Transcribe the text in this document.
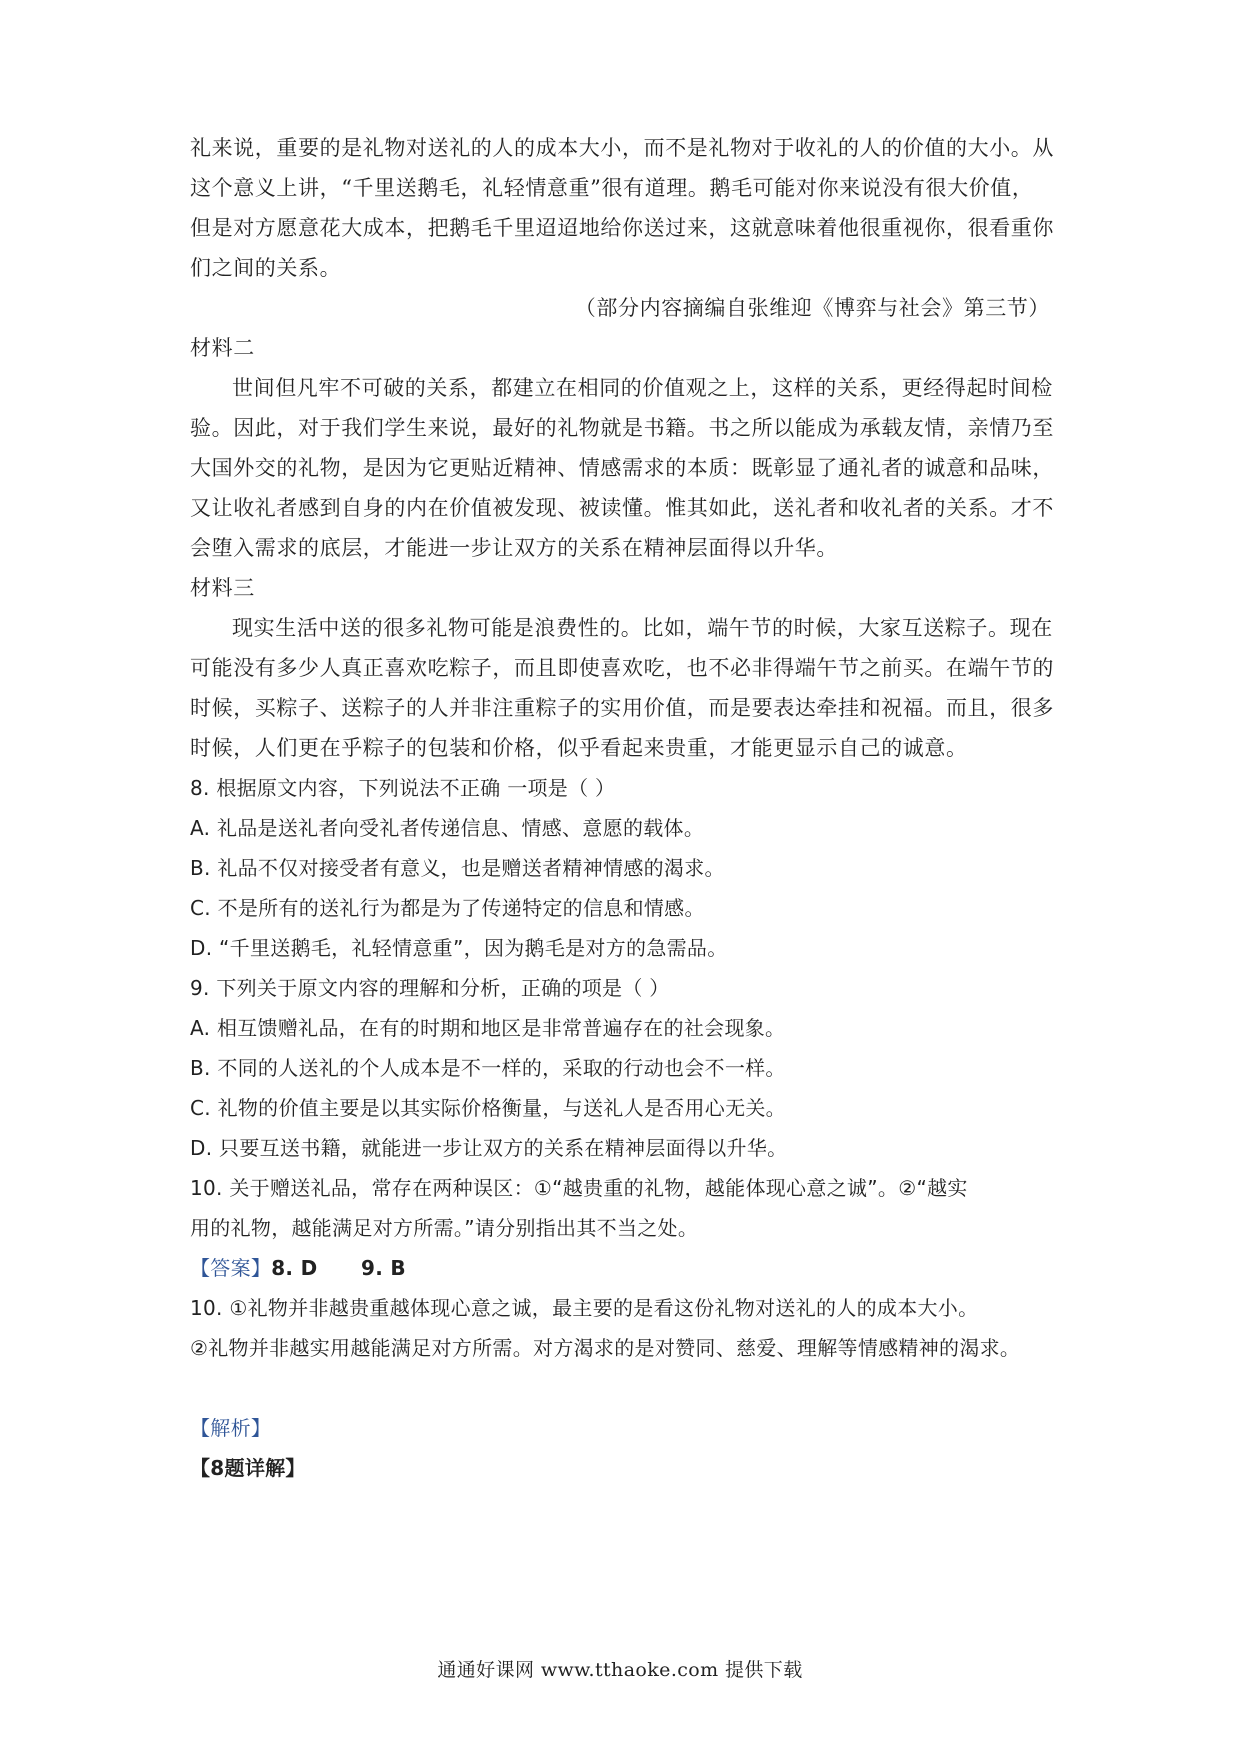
礼来说，重要的是礼物对送礼的人的成本大小，而不是礼物对于收礼的人的价值的大小。从
这个意义上讲，“千里送鹅毛，礼轻情意重”很有道理。鹅毛可能对你来说没有很大价值，
但是对方愿意花大成本，把鹅毛千里迢迢地给你送过来，这就意味着他很重视你，很看重你
们之间的关系。
（部分内容摘编自张维迎《博弈与社会》第三节）
材料二
世间但凡牢不可破的关系，都建立在相同的价值观之上，这样的关系，更经得起时间检
验。因此，对于我们学生来说，最好的礼物就是书籍。书之所以能成为承载友情，亲情乃至
大国外交的礼物，是因为它更贴近精神、情感需求的本质：既彰显了通礼者的诚意和品味，
又让收礼者感到自身的内在价值被发现、被读懂。惟其如此，送礼者和收礼者的关系。才不
会堕入需求的底层，才能进一步让双方的关系在精神层面得以升华。
材料三
现实生活中送的很多礼物可能是浪费性的。比如，端午节的时候，大家互送粽子。现在
可能没有多少人真正喜欢吃粽子，而且即使喜欢吃，也不必非得端午节之前买。在端午节的
时候，买粽子、送粽子的人并非注重粽子的实用价值，而是要表达牵挂和祝福。而且，很多
时候，人们更在乎粽子的包装和价格，似乎看起来贵重，才能更显示自己的诚意。
8. 根据原文内容，下列说法不正确 一项是（ ）
A. 礼品是送礼者向受礼者传递信息、情感、意愿的载体。
B. 礼品不仅对接受者有意义，也是赠送者精神情感的渴求。
C. 不是所有的送礼行为都是为了传递特定的信息和情感。
D. “千里送鹅毛，礼轻情意重”，因为鹅毛是对方的急需品。
9. 下列关于原文内容的理解和分析，正确的项是（ ）
A. 相互馈赠礼品，在有的时期和地区是非常普遍存在的社会现象。
B. 不同的人送礼的个人成本是不一样的，采取的行动也会不一样。
C. 礼物的价值主要是以其实际价格衡量，与送礼人是否用心无关。
D. 只要互送书籍，就能进一步让双方的关系在精神层面得以升华。
10. 关于赠送礼品，常存在两种误区：①“越贵重的礼物，越能体现心意之诚”。②“越实
用的礼物，越能满足对方所需。”请分别指出其不当之处。
【答案】8. D      9. B
10. ①礼物并非越贵重越体现心意之诚，最主要的是看这份礼物对送礼的人的成本大小。
②礼物并非越实用越能满足对方所需。对方渴求的是对赞同、慈爱、理解等情感精神的渴求。
【解析】
【8题详解】
通通好课网 www.tthaoke.com 提供下载
